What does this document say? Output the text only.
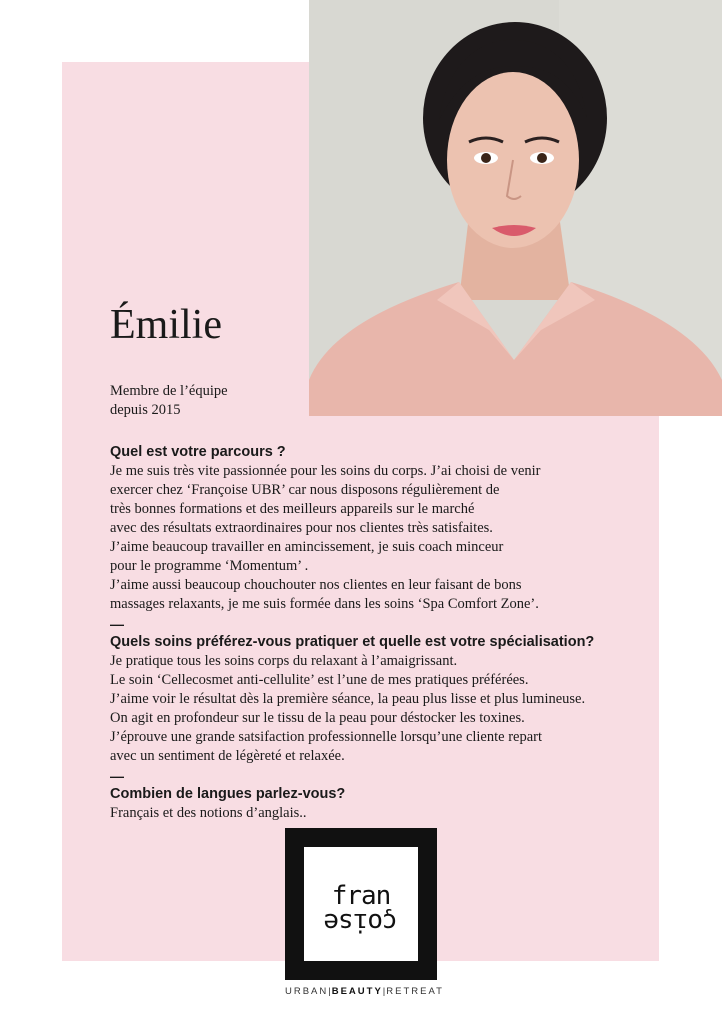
Émilie
Membre de l’équipe
depuis 2015

Quel est votre parcours ?

Je me suis très vite passionnée pour les soins du corps. J’ai choisi de venir

exercer chez ‘Françoise UBR’ car nous disposons régulièrement de

très bonnes formations et des meilleurs appareils sur le marché

avec des résultats extraordinaires pour nos clientes très satisfaites.

J’aime beaucoup travailler en amincissement, je suis coach minceur

pour le programme ‘Momentum’ .

J’aime aussi beaucoup chouchouter nos clientes en leur faisant de bons

massages relaxants, je me suis formée dans les soins ‘Spa Comfort Zone’.

—

Quels soins préférez-vous pratiquer et quelle est votre spécialisation?

Je pratique tous les soins corps du relaxant à l’amaigrissant.

Le soin ‘Cellecosmet anti-cellulite’ est l’une de mes pratiques préférées.

J’aime voir le résultat dès la première séance, la peau plus lisse et plus lumineuse.

On agit en profondeur sur le tissu de la peau pour déstocker les toxines.

J’éprouve une grande satsifaction professionnelle lorsqu’une cliente repart

avec un sentiment de légèreté et relaxée.

—

Combien de langues parlez-vous?

Français et des notions d’anglais..

fran
çoise
URBAN|BEAUTY|RETREAT
